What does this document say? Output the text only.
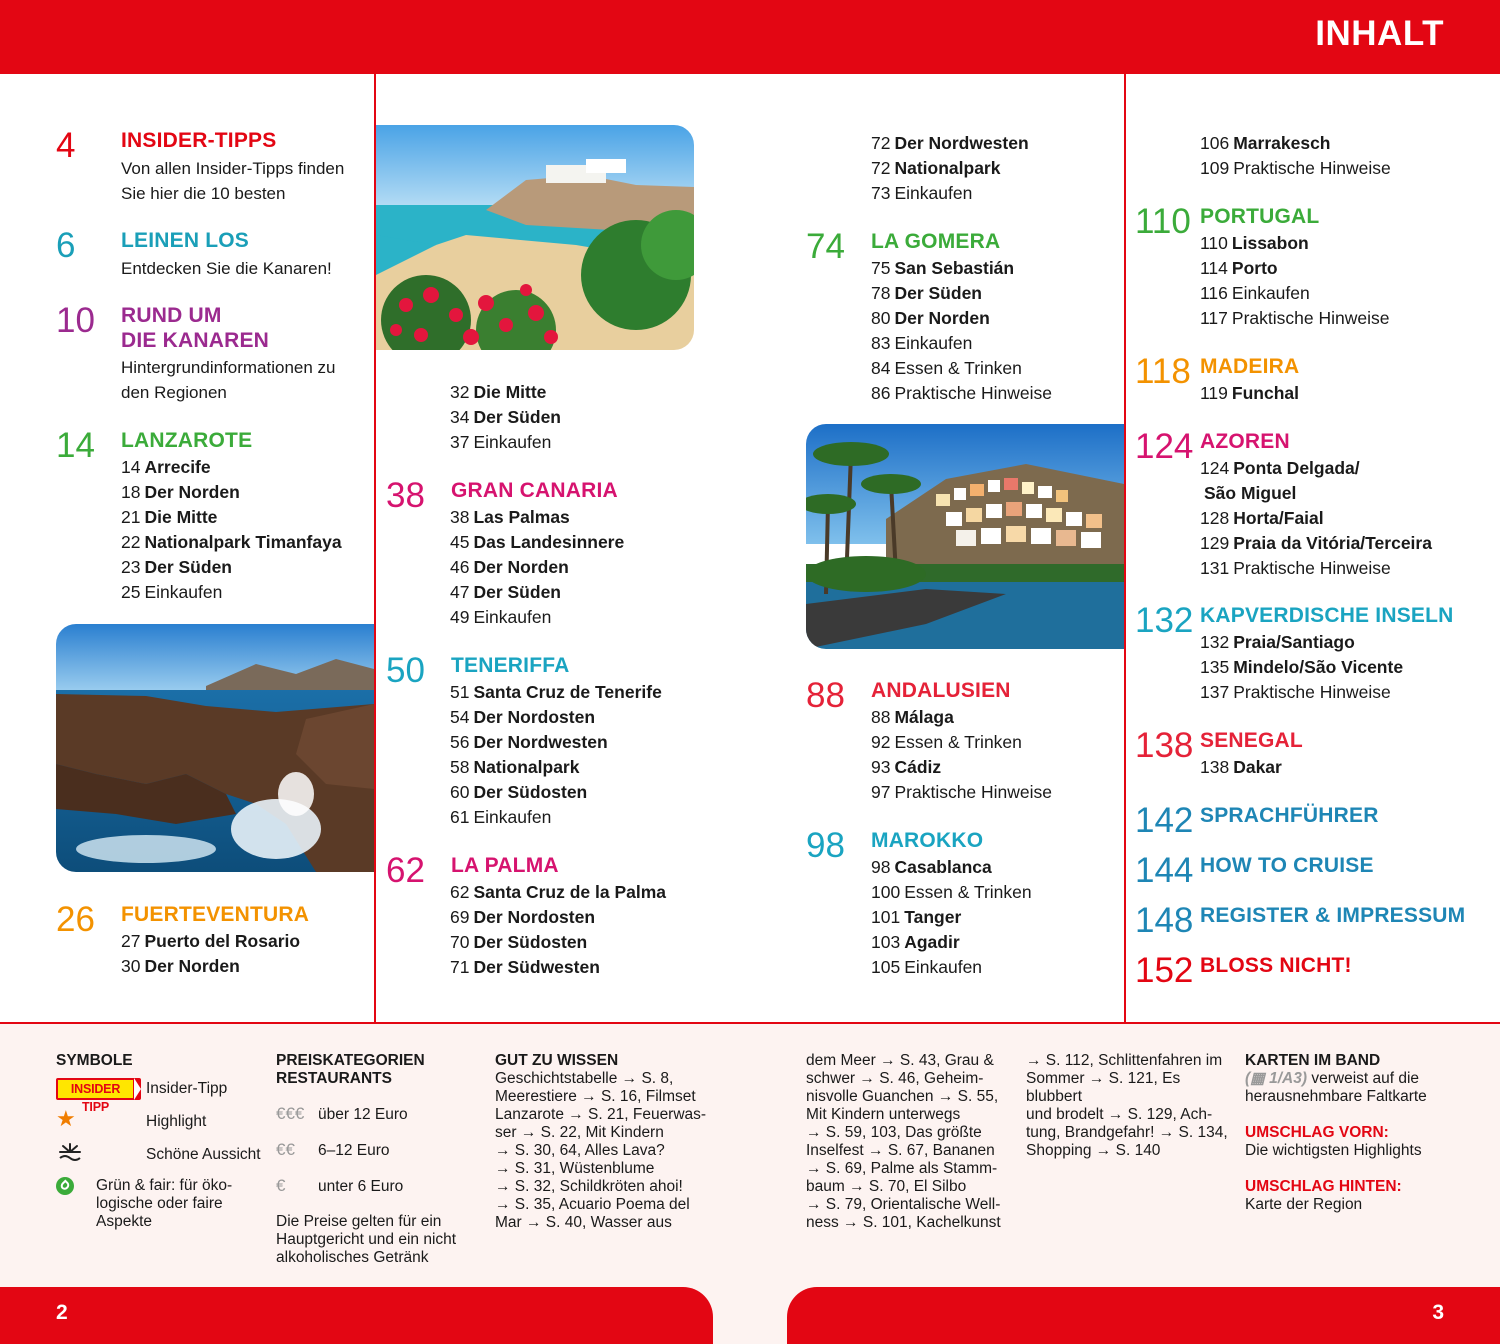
INHALT
4 INSIDER-TIPPS
Von allen Insider-Tipps finden
Sie hier die 10 besten
6 LEINEN LOS
Entdecken Sie die Kanaren!
10 RUND UM
DIE KANAREN
Hintergrundinformationen zu
den Regionen
14 LANZAROTE
14 Arrecife
18 Der Norden
21 Die Mitte
22 Nationalpark Timanfaya
23 Der Süden
25 Einkaufen
26 FUERTEVENTURA
27 Puerto del Rosario
30 Der Norden
32 Die Mitte
34 Der Süden
37 Einkaufen
38 GRAN CANARIA
38 Las Palmas
45 Das Landesinnere
46 Der Norden
47 Der Süden
49 Einkaufen
50 TENERIFFA
51 Santa Cruz de Tenerife
54 Der Nordosten
56 Der Nordwesten
58 Nationalpark
60 Der Südosten
61 Einkaufen
62 LA PALMA
62 Santa Cruz de la Palma
69 Der Nordosten
70 Der Südosten
71 Der Südwesten
72 Der Nordwesten
72 Nationalpark
73 Einkaufen
74 LA GOMERA
75 San Sebastián
78 Der Süden
80 Der Norden
83 Einkaufen
84 Essen & Trinken
86 Praktische Hinweise
88 ANDALUSIEN
88 Málaga
92 Essen & Trinken
93 Cádiz
97 Praktische Hinweise
98 MAROKKO
98 Casablanca
100 Essen & Trinken
101 Tanger
103 Agadir
105 Einkaufen
106 Marrakesch
109 Praktische Hinweise
110 PORTUGAL
110 Lissabon
114 Porto
116 Einkaufen
117 Praktische Hinweise
118 MADEIRA
119 Funchal
124 AZOREN
124 Ponta Delgada/
São Miguel
128 Horta/Faial
129 Praia da Vitória/Terceira
131 Praktische Hinweise
132 KAPVERDISCHE INSELN
132 Praia/Santiago
135 Mindelo/São Vicente
137 Praktische Hinweise
138 SENEGAL
138 Dakar
142 SPRACHFÜHRER
144 HOW TO CRUISE
148 REGISTER & IMPRESSUM
152 BLOSS NICHT!
SYMBOLE
INSIDER TIPP
Insider-Tipp
★	Highlight
Schöne Aussicht
Grün & fair: für öko-
logische oder faire
Aspekte
PREISKATEGORIEN
RESTAURANTS
€€€ über 12 Euro
€€ 6–12 Euro
€ unter 6 Euro
Die Preise gelten für ein
Hauptgericht und ein nicht
alkoholisches Getränk
GUT ZU WISSEN
Geschichtstabelle → S. 8,
Meerestiere → S. 16, Filmset
Lanzarote → S. 21, Feuerwas-
ser → S. 22, Mit Kindern
→ S. 30, 64, Alles Lava?
→ S. 31, Wüstenblume
→ S. 32, Schildkröten ahoi!
→ S. 35, Acuario Poema del
Mar → S. 40, Wasser aus
dem Meer → S. 43, Grau &
schwer → S. 46, Geheim-
nisvolle Guanchen → S. 55,
Mit Kindern unterwegs
→ S. 59, 103, Das größte
Inselfest → S. 67, Bananen
→ S. 69, Palme als Stamm-
baum → S. 70, El Silbo
→ S. 79, Orientalische Well-
ness → S. 101, Kachelkunst
→ S. 112, Schlittenfahren im
Sommer → S. 121, Es blubbert
und brodelt → S. 129, Ach-
tung, Brandgefahr! → S. 134,
Shopping → S. 140
KARTEN IM BAND
(▦ 1/A3) verweist auf die
herausnehmbare Faltkarte
UMSCHLAG VORN:
Die wichtigsten Highlights
UMSCHLAG HINTEN:
Karte der Region
2	3
